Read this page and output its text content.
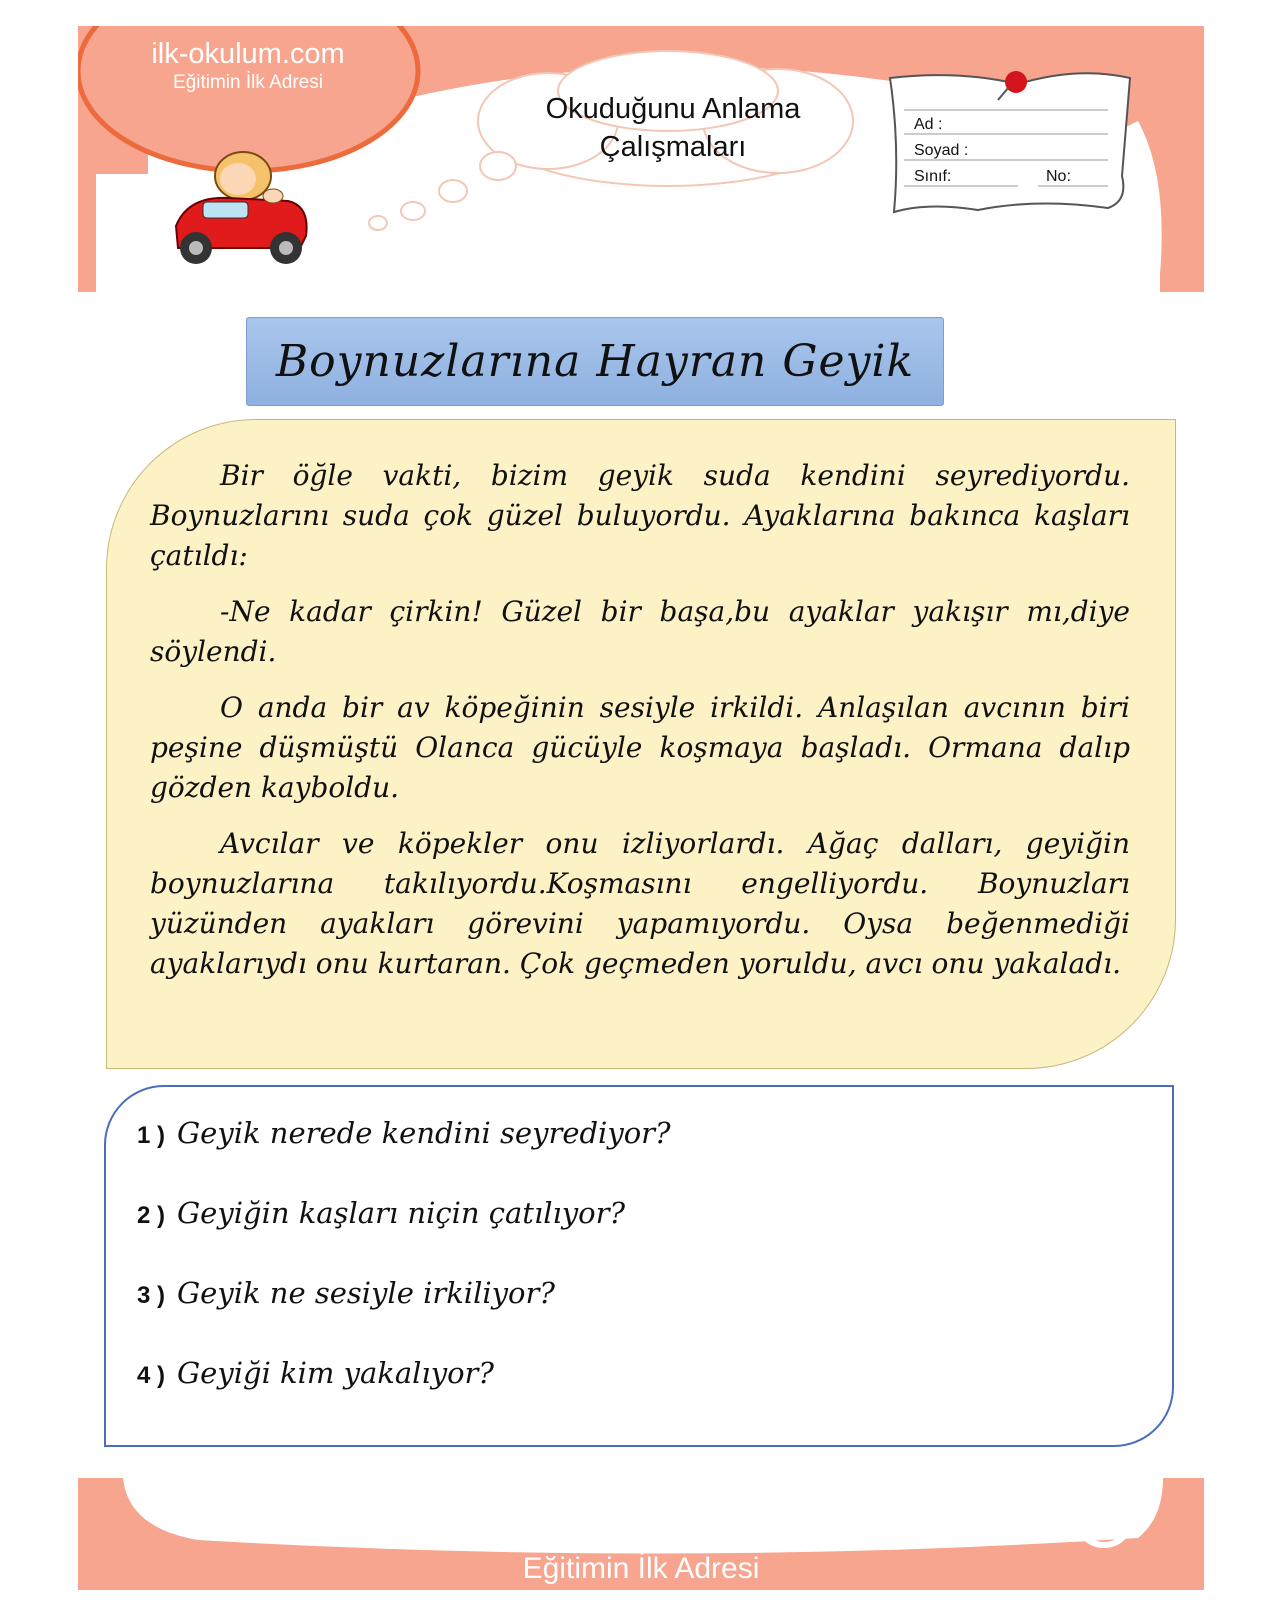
ilk-okulum.com
Eğitimin İlk Adresi
Okuduğunu Anlama
Çalışmaları
Ad :
Soyad :
Sınıf:	No:
Boynuzlarına Hayran Geyik
Bir öğle vakti, bizim geyik suda kendini seyrediyordu. Boynuzlarını suda çok güzel buluyordu. Ayaklarına bakınca kaşları çatıldı:
-Ne kadar çirkin! Güzel bir başa,bu ayaklar yakışır mı,diye söylendi.
O anda bir av köpeğinin sesiyle irkildi. Anlaşılan avcının biri peşine düşmüştü Olanca gücüyle koşmaya başladı. Ormana dalıp gözden kayboldu.
Avcılar ve köpekler onu izliyorlardı. Ağaç dalları, geyiğin boynuzlarına takılıyordu.Koşmasını engelliyordu. Boynuzları yüzünden ayakları görevini yapamıyordu. Oysa beğenmediği ayaklarıydı onu kurtaran. Çok geçmeden yoruldu, avcı onu yakaladı.
1 ) Geyik nerede kendini seyrediyor?
2 ) Geyiğin kaşları niçin çatılıyor?
3 ) Geyik ne sesiyle irkiliyor?
4 ) Geyiği kim yakalıyor?
ilk-okulum.com
Eğitimin İlk Adresi
